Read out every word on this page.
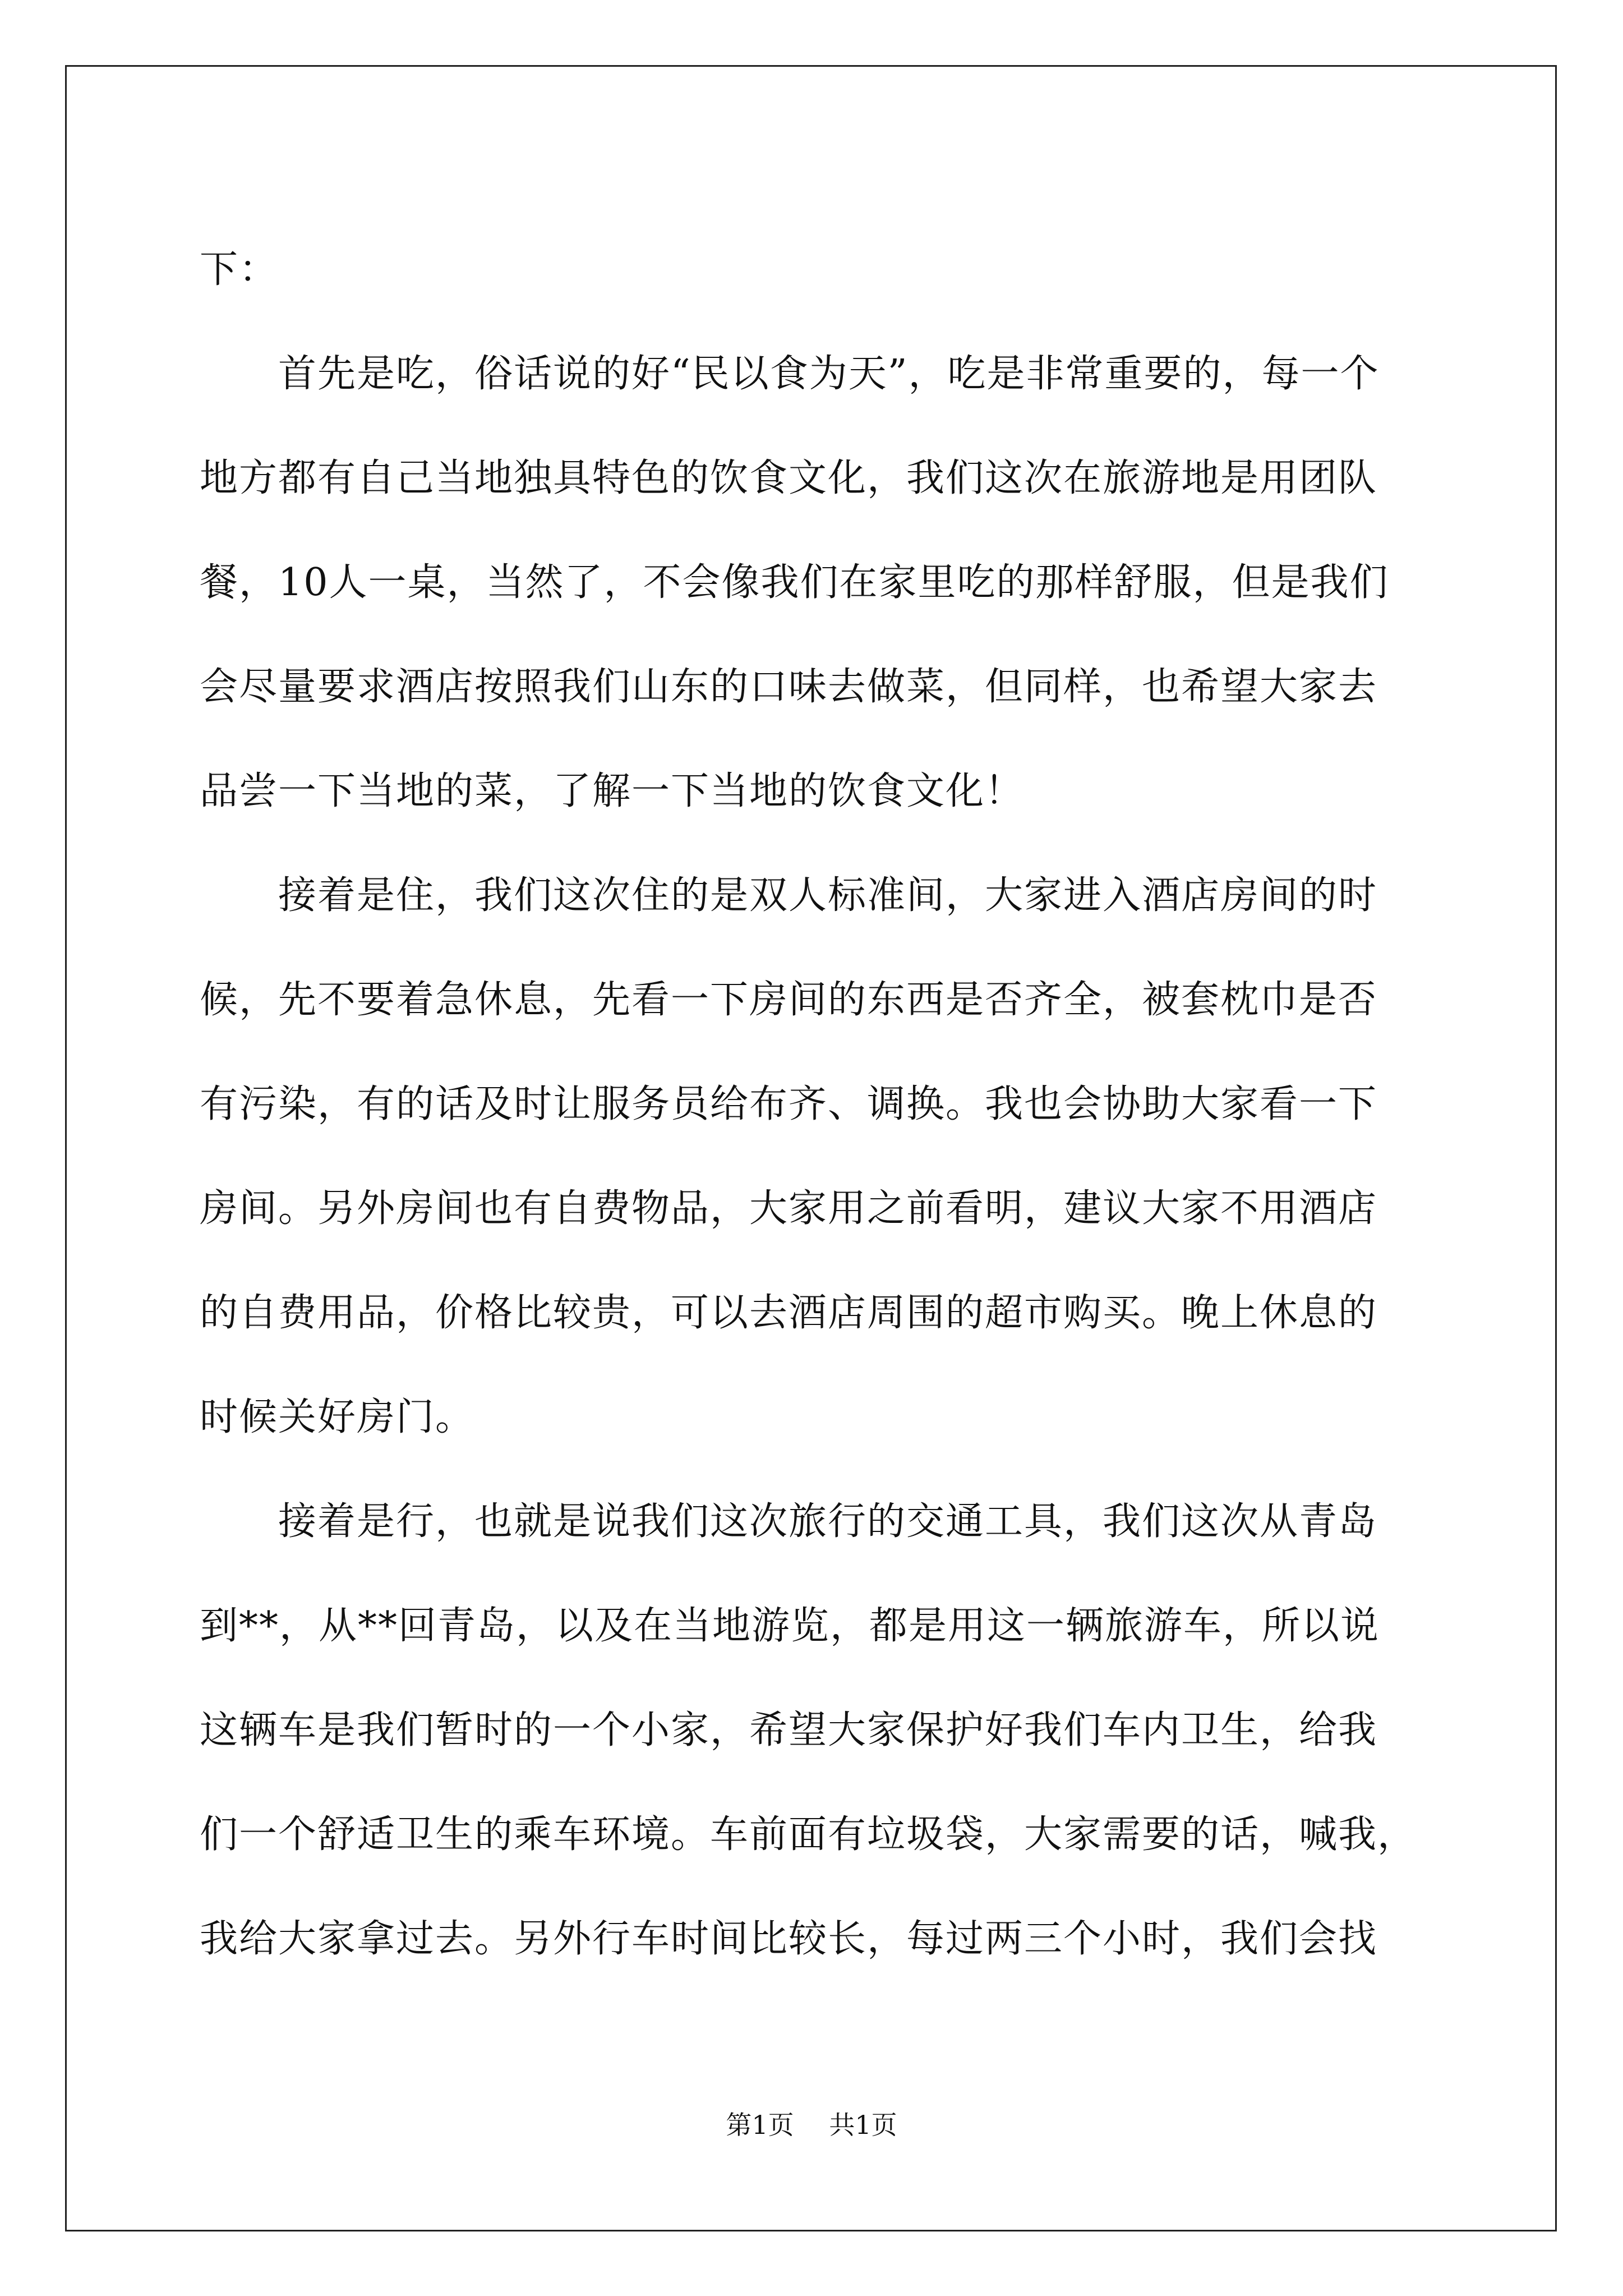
下：
　　首先是吃，俗话说的好“民以食为天”，吃是非常重要的，每一个
地方都有自己当地独具特色的饮食文化，我们这次在旅游地是用团队
餐，10人一桌，当然了，不会像我们在家里吃的那样舒服，但是我们
会尽量要求酒店按照我们山东的口味去做菜，但同样，也希望大家去
品尝一下当地的菜，了解一下当地的饮食文化！
　　接着是住，我们这次住的是双人标准间，大家进入酒店房间的时
候，先不要着急休息，先看一下房间的东西是否齐全，被套枕巾是否
有污染，有的话及时让服务员给布齐、调换。我也会协助大家看一下
房间。另外房间也有自费物品，大家用之前看明，建议大家不用酒店
的自费用品，价格比较贵，可以去酒店周围的超市购买。晚上休息的
时候关好房门。
　　接着是行，也就是说我们这次旅行的交通工具，我们这次从青岛
到**，从**回青岛，以及在当地游览，都是用这一辆旅游车，所以说
这辆车是我们暂时的一个小家，希望大家保护好我们车内卫生，给我
们一个舒适卫生的乘车环境。车前面有垃圾袋，大家需要的话，喊我，
我给大家拿过去。另外行车时间比较长，每过两三个小时，我们会找
第1页 共1页
